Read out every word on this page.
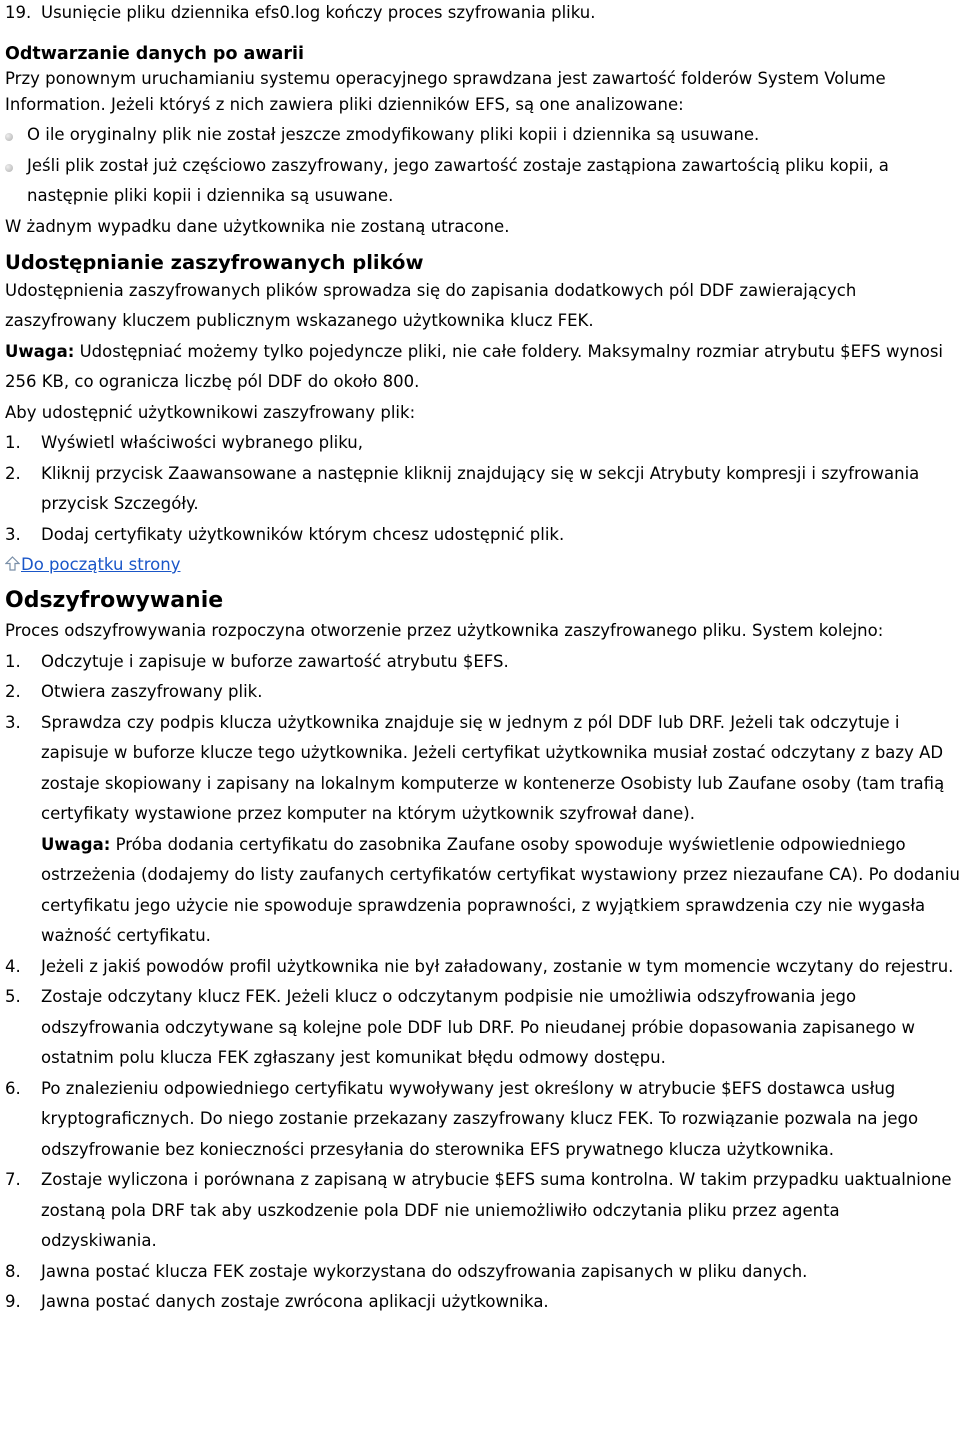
19. Usunięcie pliku dziennika efs0.log kończy proces szyfrowania pliku.
Odtwarzanie danych po awarii
Przy ponownym uruchamianiu systemu operacyjnego sprawdzana jest zawartość folderów System Volume Information. Jeżeli któryś z nich zawiera pliki dzienników EFS, są one analizowane:
O ile oryginalny plik nie został jeszcze zmodyfikowany pliki kopii i dziennika są usuwane.
Jeśli plik został już częściowo zaszyfrowany, jego zawartość zostaje zastąpiona zawartością pliku kopii, a następnie pliki kopii i dziennika są usuwane.
W żadnym wypadku dane użytkownika nie zostaną utracone.
Udostępnianie zaszyfrowanych plików
Udostępnienia zaszyfrowanych plików sprowadza się do zapisania dodatkowych pól DDF zawierających zaszyfrowany kluczem publicznym wskazanego użytkownika klucz FEK.
Uwaga: Udostępniać możemy tylko pojedyncze pliki, nie całe foldery. Maksymalny rozmiar atrybutu $EFS wynosi 256 KB, co ogranicza liczbę pól DDF do około 800.
Aby udostępnić użytkownikowi zaszyfrowany plik:
1. Wyświetl właściwości wybranego pliku,
2. Kliknij przycisk Zaawansowane a następnie kliknij znajdujący się w sekcji Atrybuty kompresji i szyfrowania przycisk Szczegóły.
3. Dodaj certyfikaty użytkowników którym chcesz udostępnić plik.
Do początku strony
Odszyfrowywanie
Proces odszyfrowywania rozpoczyna otworzenie przez użytkownika zaszyfrowanego pliku. System kolejno:
1. Odczytuje i zapisuje w buforze zawartość atrybutu $EFS.
2. Otwiera zaszyfrowany plik.
3. Sprawdza czy podpis klucza użytkownika znajduje się w jednym z pól DDF lub DRF. Jeżeli tak odczytuje i zapisuje w buforze klucze tego użytkownika. Jeżeli certyfikat użytkownika musiał zostać odczytany z bazy AD zostaje skopiowany i zapisany na lokalnym komputerze w kontenerze Osobisty lub Zaufane osoby (tam trafią certyfikaty wystawione przez komputer na którym użytkownik szyfrował dane).
Uwaga: Próba dodania certyfikatu do zasobnika Zaufane osoby spowoduje wyświetlenie odpowiedniego ostrzeżenia (dodajemy do listy zaufanych certyfikatów certyfikat wystawiony przez niezaufane CA). Po dodaniu certyfikatu jego użycie nie spowoduje sprawdzenia poprawności, z wyjątkiem sprawdzenia czy nie wygasła ważność certyfikatu.
4. Jeżeli z jakiś powodów profil użytkownika nie był załadowany, zostanie w tym momencie wczytany do rejestru.
5. Zostaje odczytany klucz FEK. Jeżeli klucz o odczytanym podpisie nie umożliwia odszyfrowania jego odszyfrowania odczytywane są kolejne pole DDF lub DRF. Po nieudanej próbie dopasowania zapisanego w ostatnim polu klucza FEK zgłaszany jest komunikat błędu odmowy dostępu.
6. Po znalezieniu odpowiedniego certyfikatu wywoływany jest określony w atrybucie $EFS dostawca usług kryptograficznych. Do niego zostanie przekazany zaszyfrowany klucz FEK. To rozwiązanie pozwala na jego odszyfrowanie bez konieczności przesyłania do sterownika EFS prywatnego klucza użytkownika.
7. Zostaje wyliczona i porównana z zapisaną w atrybucie $EFS suma kontrolna. W takim przypadku uaktualnione zostaną pola DRF tak aby uszkodzenie pola DDF nie uniemożliwiło odczytania pliku przez agenta odzyskiwania.
8. Jawna postać klucza FEK zostaje wykorzystana do odszyfrowania zapisanych w pliku danych.
9. Jawna postać danych zostaje zwrócona aplikacji użytkownika.
